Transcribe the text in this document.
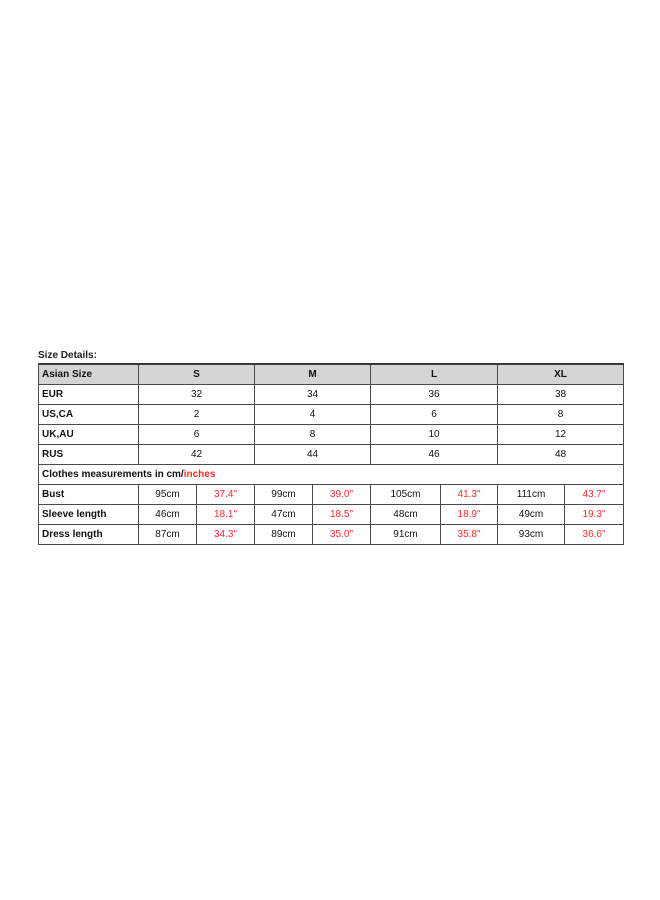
Size Details:
Asian Size	S		M		L		XL	
EUR	32		34		36		38	
US,CA	2		4		6		8	
UK,AU	6		8		10		12	
RUS	42		44		46		48	
Clothes measurements in cm/inches								
Bust	95cm	37.4"	99cm	39.0"	105cm	41.3"	111cm	43.7"
Sleeve length	46cm	18.1"	47cm	18.5"	48cm	18.9"	49cm	19.3"
Dress length	87cm	34.3"	89cm	35.0"	91cm	35.8"	93cm	36.6"
